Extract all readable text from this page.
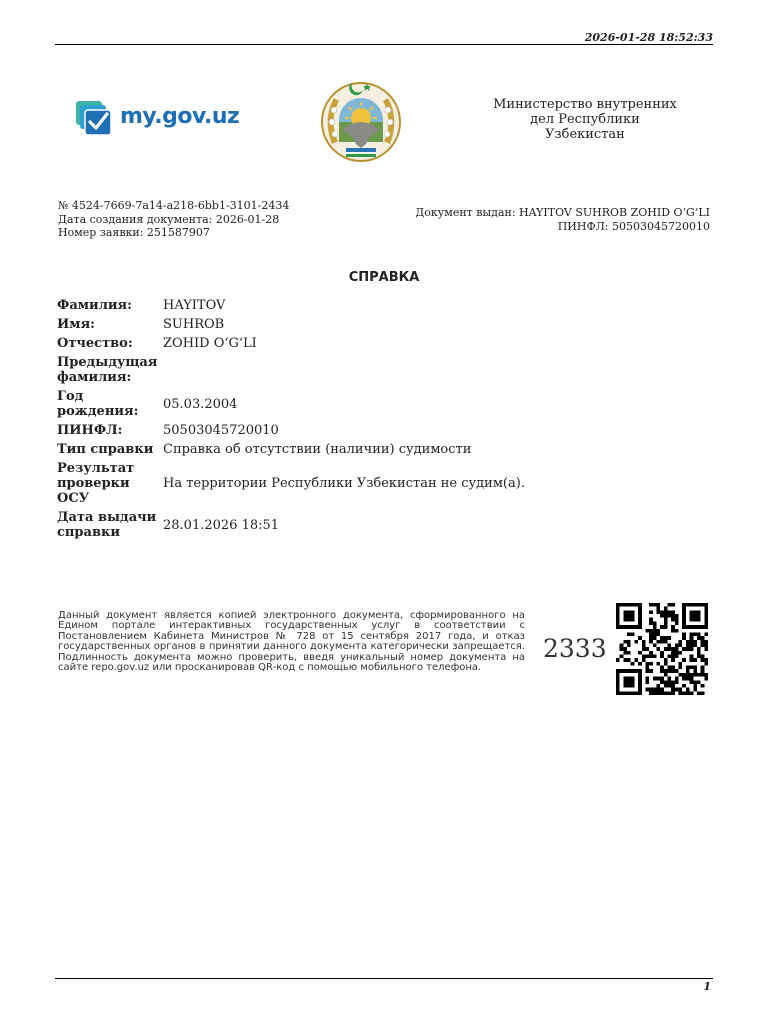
2026-01-28 18:52:33
my.gov.uz	Министерство внутренних
дел Республики
Узбекистан
№ 4524-7669-7a14-a218-6bb1-3101-2434
Дата создания документа: 2026-01-28
Номер заявки: 251587907
Документ выдан: HAYITOV SUHROB ZOHID O‘G‘LI
ПИНФЛ: 50503045720010
СПРАВКА
Фамилия:	HAYITOV
Имя:	SUHROB
Отчество:	ZOHID O‘G‘LI
Предыдущая фамилия:	
Год рождения:	05.03.2004
ПИНФЛ:	50503045720010
Тип справки	Справка об отсутствии (наличии) судимости
Результат проверки ОСУ	На территории Республики Узбекистан не судим(а).
Дата выдачи справки	28.01.2026 18:51
Данный документ является копией электронного документа, сформированного на Едином портале интерактивных государственных услуг в соответствии с Постановлением Кабинета Министров № 728 от 15 сентября 2017 года, и отказ государственных органов в принятии данного документа категорически запрещается. Подлинность документа можно проверить, введя уникальный номер документа на сайте repo.gov.uz или просканировав QR-код с помощью мобильного телефона.
2333
1
